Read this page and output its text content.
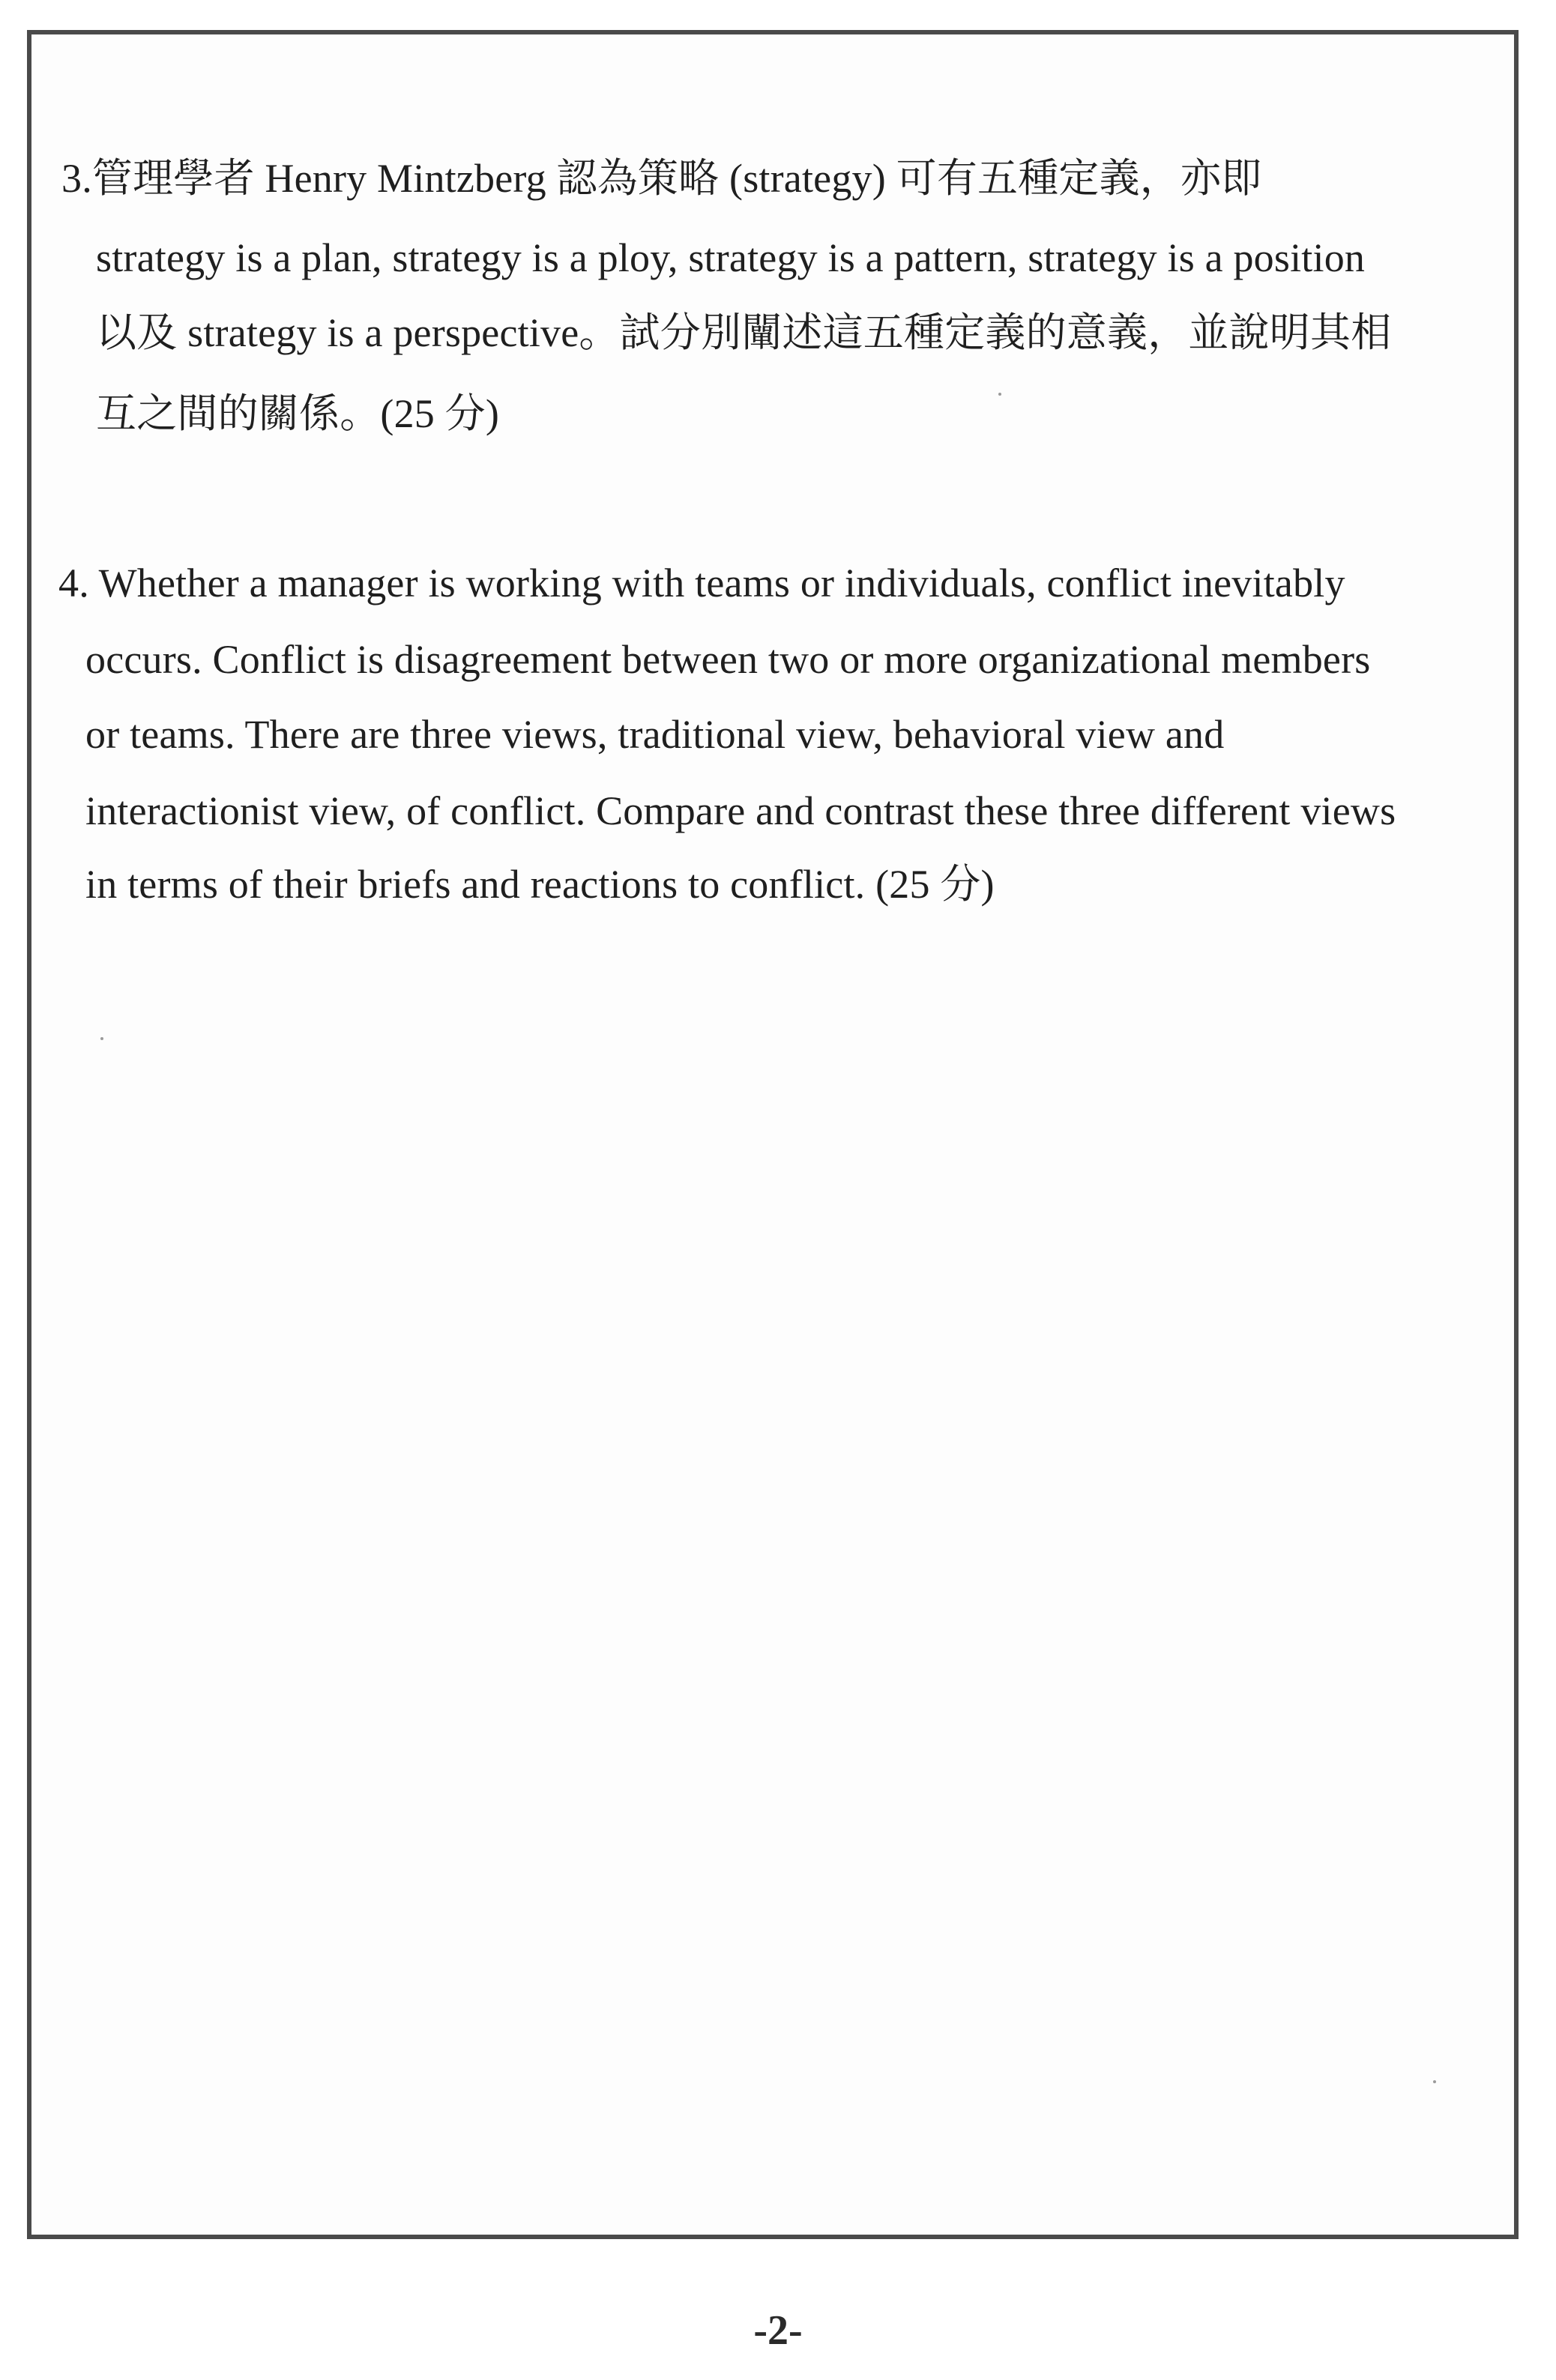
3.管理學者 Henry Mintzberg 認為策略 (strategy) 可有五種定義，亦即
strategy is a plan, strategy is a ploy, strategy is a pattern, strategy is a position
以及 strategy is a perspective。試分別闡述這五種定義的意義，並說明其相
互之間的關係。(25 分)
4. Whether a manager is working with teams or individuals, conflict inevitably
occurs. Conflict is disagreement between two or more organizational members
or teams. There are three views, traditional view, behavioral view and
interactionist view, of conflict. Compare and contrast these three different views
in terms of their briefs and reactions to conflict. (25 分)
-2-
